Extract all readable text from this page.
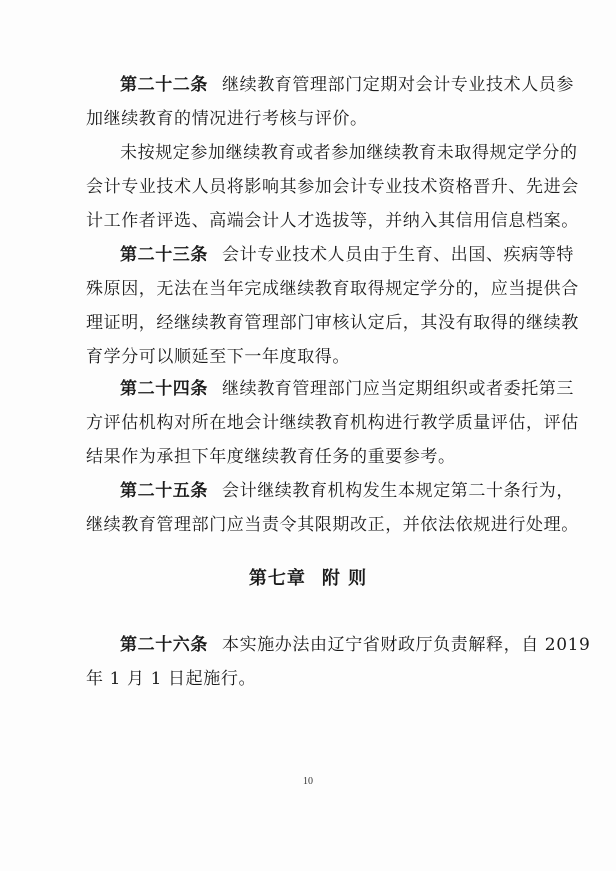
第二十二条 继续教育管理部门定期对会计专业技术人员参
加继续教育的情况进行考核与评价。
未按规定参加继续教育或者参加继续教育未取得规定学分的
会计专业技术人员将影响其参加会计专业技术资格晋升、先进会
计工作者评选、高端会计人才选拔等，并纳入其信用信息档案。
第二十三条 会计专业技术人员由于生育、出国、疾病等特
殊原因，无法在当年完成继续教育取得规定学分的，应当提供合
理证明，经继续教育管理部门审核认定后，其没有取得的继续教
育学分可以顺延至下一年度取得。
第二十四条 继续教育管理部门应当定期组织或者委托第三
方评估机构对所在地会计继续教育机构进行教学质量评估，评估
结果作为承担下年度继续教育任务的重要参考。
第二十五条 会计继续教育机构发生本规定第二十条行为，
继续教育管理部门应当责令其限期改正，并依法依规进行处理。
第七章 附 则
第二十六条 本实施办法由辽宁省财政厅负责解释，自 2019
年 1 月 1 日起施行。
10
